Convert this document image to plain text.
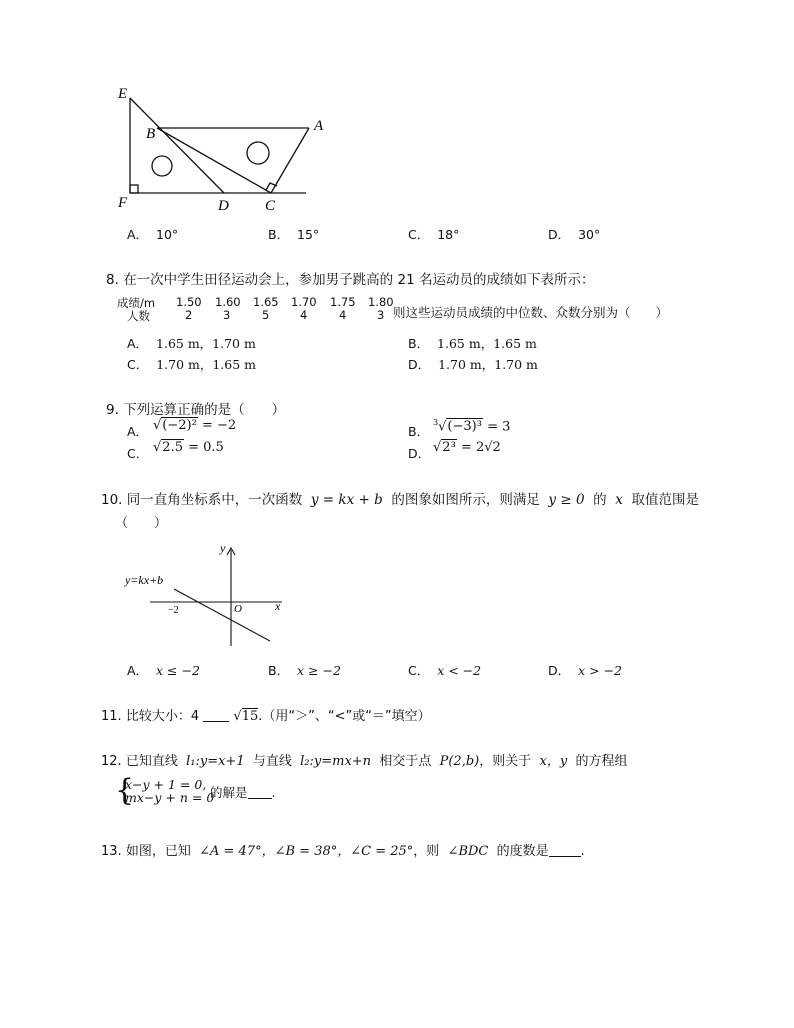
E
B	A
F	D C
A． 10°	B． 15°	C． 18°	D． 30°
8. 在一次中学生田径运动会上，参加男子跳高的 21 名运动员的成绩如下表所示：
成绩/m 1.50 1.60 1.65 1.70 1.75 1.80
人数	2	3	5	4	4	3 则这些运动员成绩的中位数、众数分别为（　　）
A． 1.65 m，1.70 m	B． 1.65 m，1.65 m
C． 1.70 m，1.65 m	D． 1.70 m，1.70 m
9. 下列运算正确的是（　　）
A． √(−2)² = −2	B．
$^3$√(−3)³ = 3
C． √2.5 = 0.5	D． √2³ = 2√2
10. 同一直角坐标系中，一次函数 y = kx + b 的图象如图所示，则满足 y ≥ 0 的 x 取值范围是
（　　）
y
y=kx+b
−2	O	x
A． x ≤ −2	B． x ≥ −2	C． x < −2	D． x > −2
11. 比较大小：4	√15.（用“＞”、“<”或“＝”填空）
12. 已知直线 l₁:y=x+1 与直线 l₂:y=mx+n 相交于点 P(2,b)，则关于 x，y 的方程组
{
x−y + 1 = 0,
mx−y + n = 0
的解是 .
13. 如图，已知 ∠A = 47°，∠B = 38°，∠C = 25°，则 ∠BDC 的度数是 .
